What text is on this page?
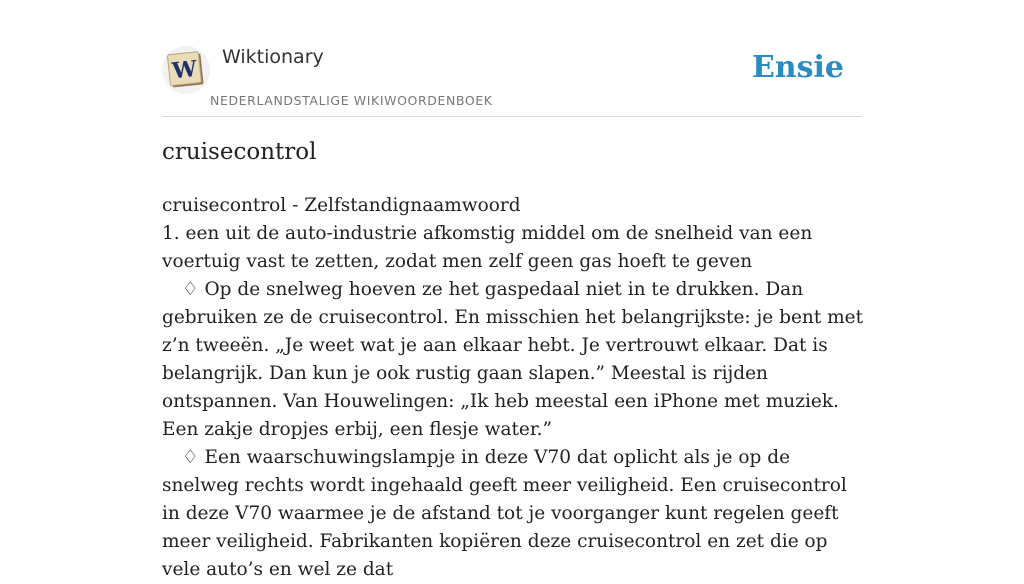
W Wiktionary
NEDERLANDSTALIGE WIKIWOORDENBOEK
Ensie
cruisecontrol

cruisecontrol - Zelfstandignaamwoord

1. een uit de auto-industrie afkomstig middel om de snelheid van een voertuig vast te zetten, zodat men zelf geen gas hoeft te geven

♢ Op de snelweg hoeven ze het gaspedaal niet in te drukken. Dan gebruiken ze de cruisecontrol. En misschien het belangrijkste: je bent met z’n tweeën. „Je weet wat je aan elkaar hebt. Je vertrouwt elkaar. Dat is belangrijk. Dan kun je ook rustig gaan slapen.” Meestal is rijden ontspannen. Van Houwelingen: „Ik heb meestal een iPhone met muziek. Een zakje dropjes erbij, een flesje water.”

♢ Een waarschuwingslampje in deze V70 dat oplicht als je op de snelweg rechts wordt ingehaald geeft meer veiligheid. Een cruisecontrol in deze V70 waarmee je de afstand tot je voorganger kunt regelen geeft meer veiligheid. Fabrikanten kopiëren deze cruisecontrol en zet die op vele auto’s en wel ze dat
